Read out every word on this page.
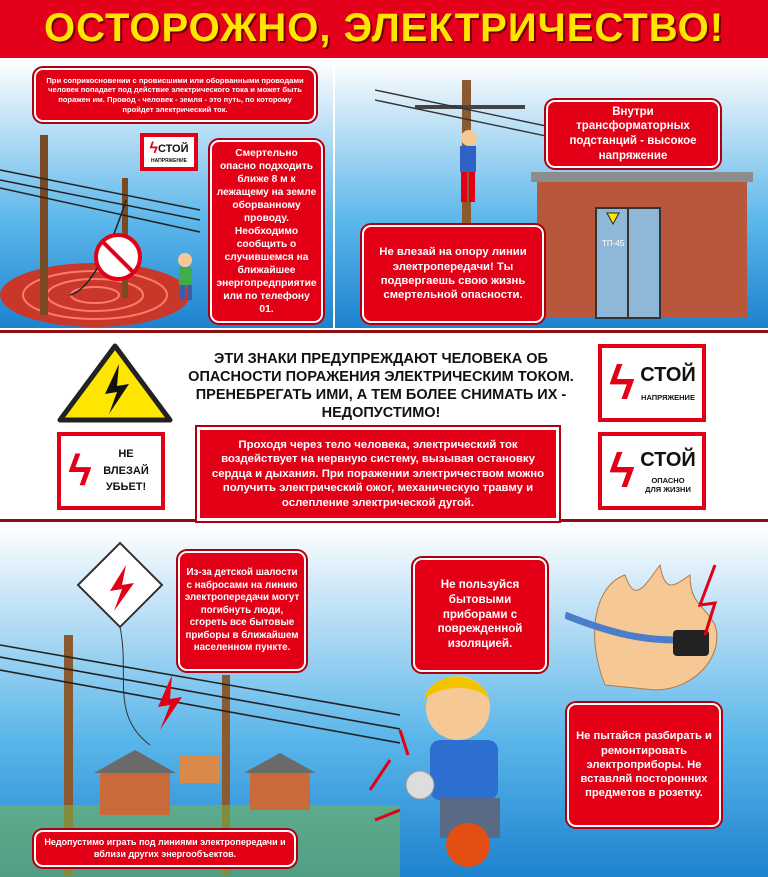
ОСТОРОЖНО, ЭЛЕКТРИЧЕСТВО!
При соприкосновении с провисшими или оборванными проводами человек попадает под действие электрического тока и может быть поражен им. Провод - человек - земля - это путь, по которому пройдет электрический ток.
ϟ СТОЙ
НАПРЯЖЕНИЕ
Смертельно опасно подходить ближе 8 м к лежащему на земле оборванному проводу. Необходимо сообщить о случившемся на ближайшее энергопредприятие или по телефону 01.
ТП-45
Внутри трансформаторных подстанций - высокое напряжение
Не влезай на опору линии электропередачи! Ты подвергаешь свою жизнь смертельной опасности.
ЭТИ ЗНАКИ ПРЕДУПРЕЖДАЮТ ЧЕЛОВЕКА ОБ ОПАСНОСТИ ПОРАЖЕНИЯ ЭЛЕКТРИЧЕСКИМ ТОКОМ. ПРЕНЕБРЕГАТЬ ИМИ, А ТЕМ БОЛЕЕ СНИМАТЬ ИХ - НЕДОПУСТИМО!
ϟ СТОЙ
НАПРЯЖЕНИЕ
ϟ СТОЙ
ОПАСНО ДЛЯ ЖИЗНИ
ϟ	НЕ ВЛЕЗАЙ УБЬЕТ!
Проходя через тело человека, электрический ток воздействует на нервную систему, вызывая остановку сердца и дыхания. При поражении электричеством можно получить электрический ожог, механическую травму и ослепление электрической дугой.
Из-за детской шалости с набросами на линию электропередачи могут погибнуть люди, сгореть все бытовые приборы в ближайшем населенном пункте.
Недопустимо играть под линиями электропередачи и вблизи других энергообъектов.
Не пользуйся бытовыми приборами с поврежденной изоляцией.
Не пытайся разбирать и ремонтировать электроприборы. Не вставляй посторонних предметов в розетку.
